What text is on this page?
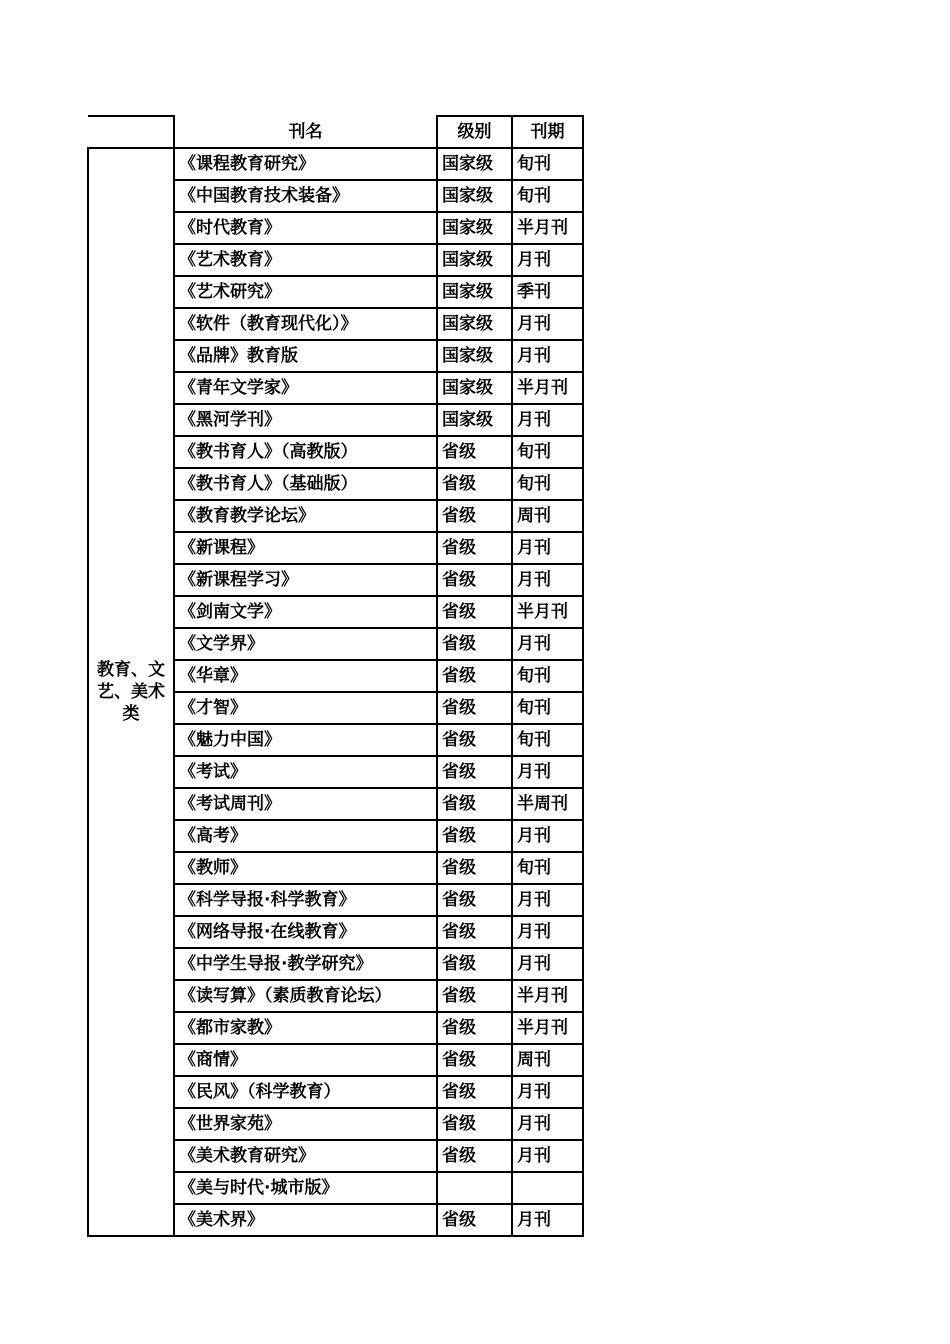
	刊名	级别	刊期
教育、文艺、美术类	《课程教育研究》	国家级	旬刊
	《中国教育技术装备》	国家级	旬刊
	《时代教育》	国家级	半月刊
	《艺术教育》	国家级	月刊
	《艺术研究》	国家级	季刊
	《软件（教育现代化）》	国家级	月刊
	《品牌》教育版	国家级	月刊
	《青年文学家》	国家级	半月刊
	《黑河学刊》	国家级	月刊
	《教书育人》（高教版）	省级	旬刊
	《教书育人》（基础版）	省级	旬刊
	《教育教学论坛》	省级	周刊
	《新课程》	省级	月刊
	《新课程学习》	省级	月刊
	《剑南文学》	省级	半月刊
	《文学界》	省级	月刊
	《华章》	省级	旬刊
	《才智》	省级	旬刊
	《魅力中国》	省级	旬刊
	《考试》	省级	月刊
	《考试周刊》	省级	半周刊
	《高考》	省级	月刊
	《教师》	省级	旬刊
	《科学导报·科学教育》	省级	月刊
	《网络导报·在线教育》	省级	月刊
	《中学生导报·教学研究》	省级	月刊
	《读写算》（素质教育论坛）	省级	半月刊
	《都市家教》	省级	半月刊
	《商情》	省级	周刊
	《民风》（科学教育）	省级	月刊
	《世界家苑》	省级	月刊
	《美术教育研究》	省级	月刊
	《美与时代·城市版》		
	《美术界》	省级	月刊
